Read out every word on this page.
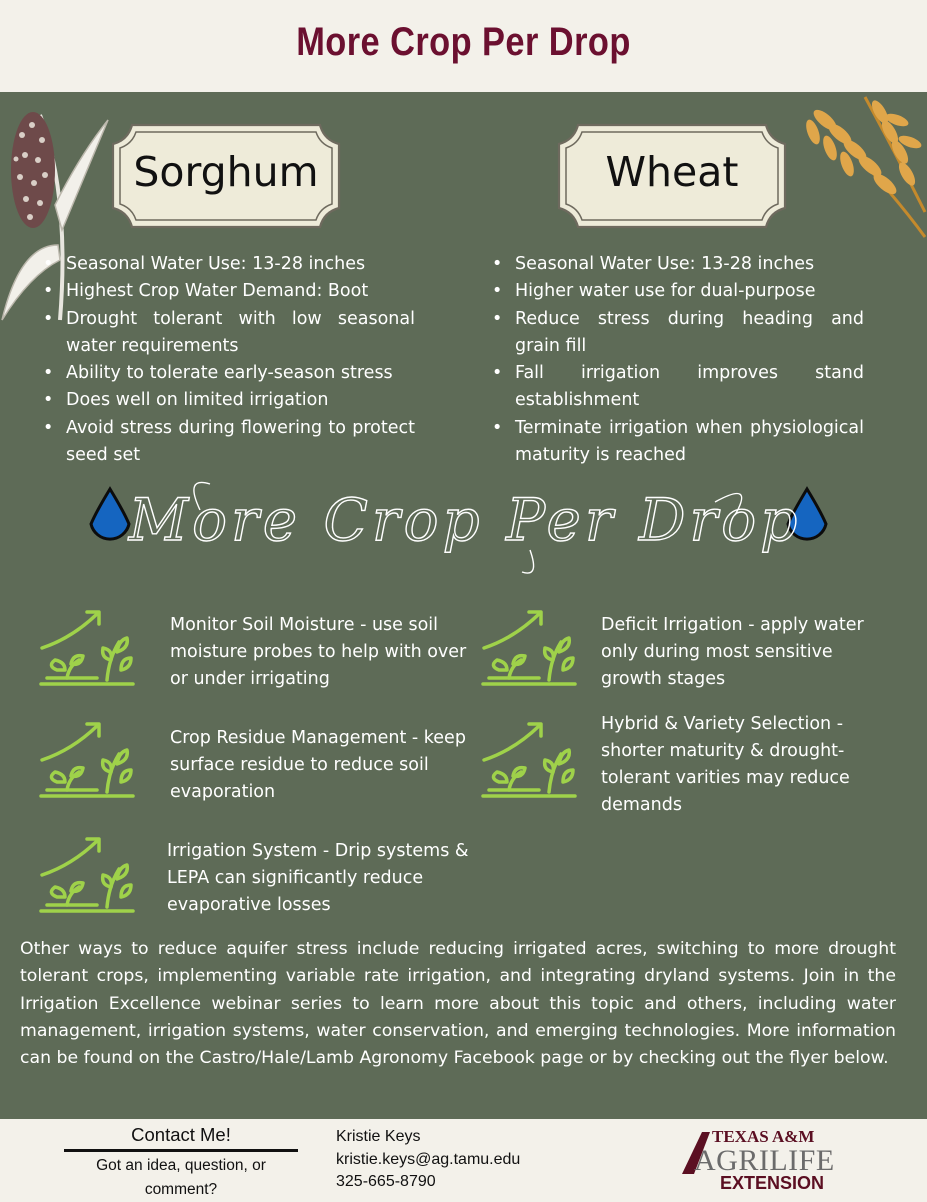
More Crop Per Drop
Sorghum	Wheat
• Seasonal Water Use: 13-28 inches
• Highest Crop Water Demand: Boot
• Drought tolerant with low seasonal water requirements
• Ability to tolerate early-season stress
• Does well on limited irrigation
• Avoid stress during flowering to protect seed set
• Seasonal Water Use: 13-28 inches
• Higher water use for dual-purpose
• Reduce stress during heading and grain fill
• Fall irrigation improves stand establishment
• Terminate irrigation when physiological maturity is reached
More Crop Per Drop
Monitor Soil Moisture - use soil moisture probes to help with over or under irrigating
Deficit Irrigation - apply water only during most sensitive growth stages
Crop Residue Management - keep surface residue to reduce soil evaporation
Hybrid & Variety Selection - shorter maturity & drought-tolerant varities may reduce demands
Irrigation System - Drip systems & LEPA can significantly reduce evaporative losses
Other ways to reduce aquifer stress include reducing irrigated acres, switching to more drought tolerant crops, implementing variable rate irrigation, and integrating dryland systems. Join in the Irrigation Excellence webinar series to learn more about this topic and others, including water management, irrigation systems, water conservation, and emerging technologies. More information can be found on the Castro/Hale/Lamb Agronomy Facebook page or by checking out the flyer below.
Contact Me!
Got an idea, question, or comment?
Kristie Keys
kristie.keys@ag.tamu.edu
325-665-8790
TEXAS A&M
AGRILIFE
EXTENSION
